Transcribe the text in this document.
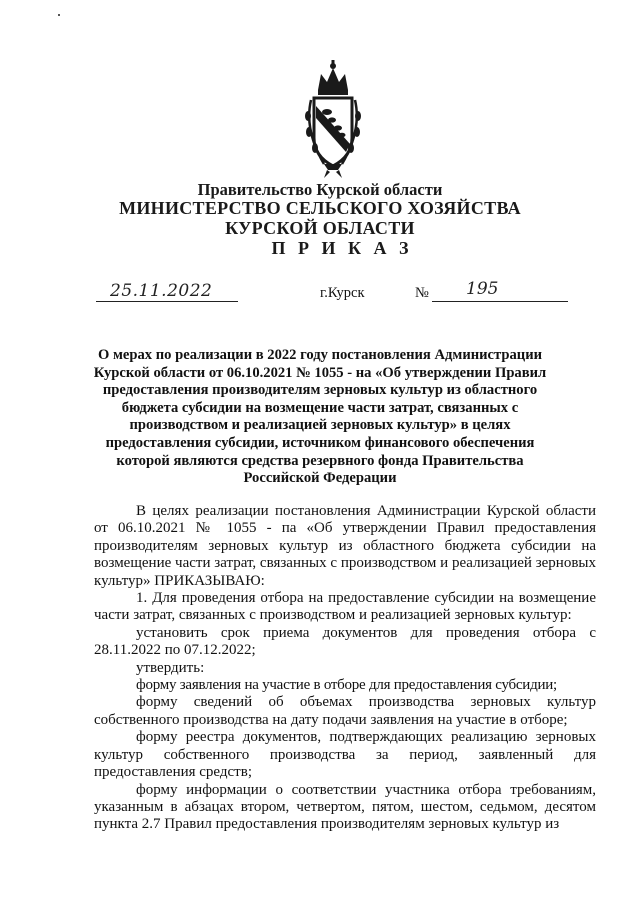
Правительство Курской области
МИНИСТЕРСТВО СЕЛЬСКОГО ХОЗЯЙСТВА
КУРСКОЙ ОБЛАСТИ
П Р И К А З
25.11.2022	г.Курск	№ 195

О мерах по реализации в 2022 году постановления Администрации Курской области от 06.10.2021 № 1055 - на «Об утверждении Правил предоставления производителям зерновых культур из областного бюджета субсидии на возмещение части затрат, связанных с производством и реализацией зерновых культур» в целях предоставления субсидии, источником финансового обеспечения которой являются средства резервного фонда Правительства Российской Федерации

В целях реализации постановления Администрации Курской области от 06.10.2021 № 1055 - па «Об утверждении Правил предоставления производителям зерновых культур из областного бюджета субсидии на возмещение части затрат, связанных с производством и реализацией зерновых культур» ПРИКАЗЫВАЮ:

1. Для проведения отбора на предоставление субсидии на возмещение части затрат, связанных с производством и реализацией зерновых культур:

установить срок приема документов для проведения отбора с 28.11.2022 по 07.12.2022;

утвердить:

форму заявления на участие в отборе для предоставления субсидии;

форму сведений об объемах производства зерновых культур собственного производства на дату подачи заявления на участие в отборе;

форму реестра документов, подтверждающих реализацию зерновых культур собственного производства за период, заявленный для предоставления средств;

форму информации о соответствии участника отбора требованиям, указанным в абзацах втором, четвертом, пятом, шестом, седьмом, десятом пункта 2.7 Правил предоставления производителям зерновых культур из
